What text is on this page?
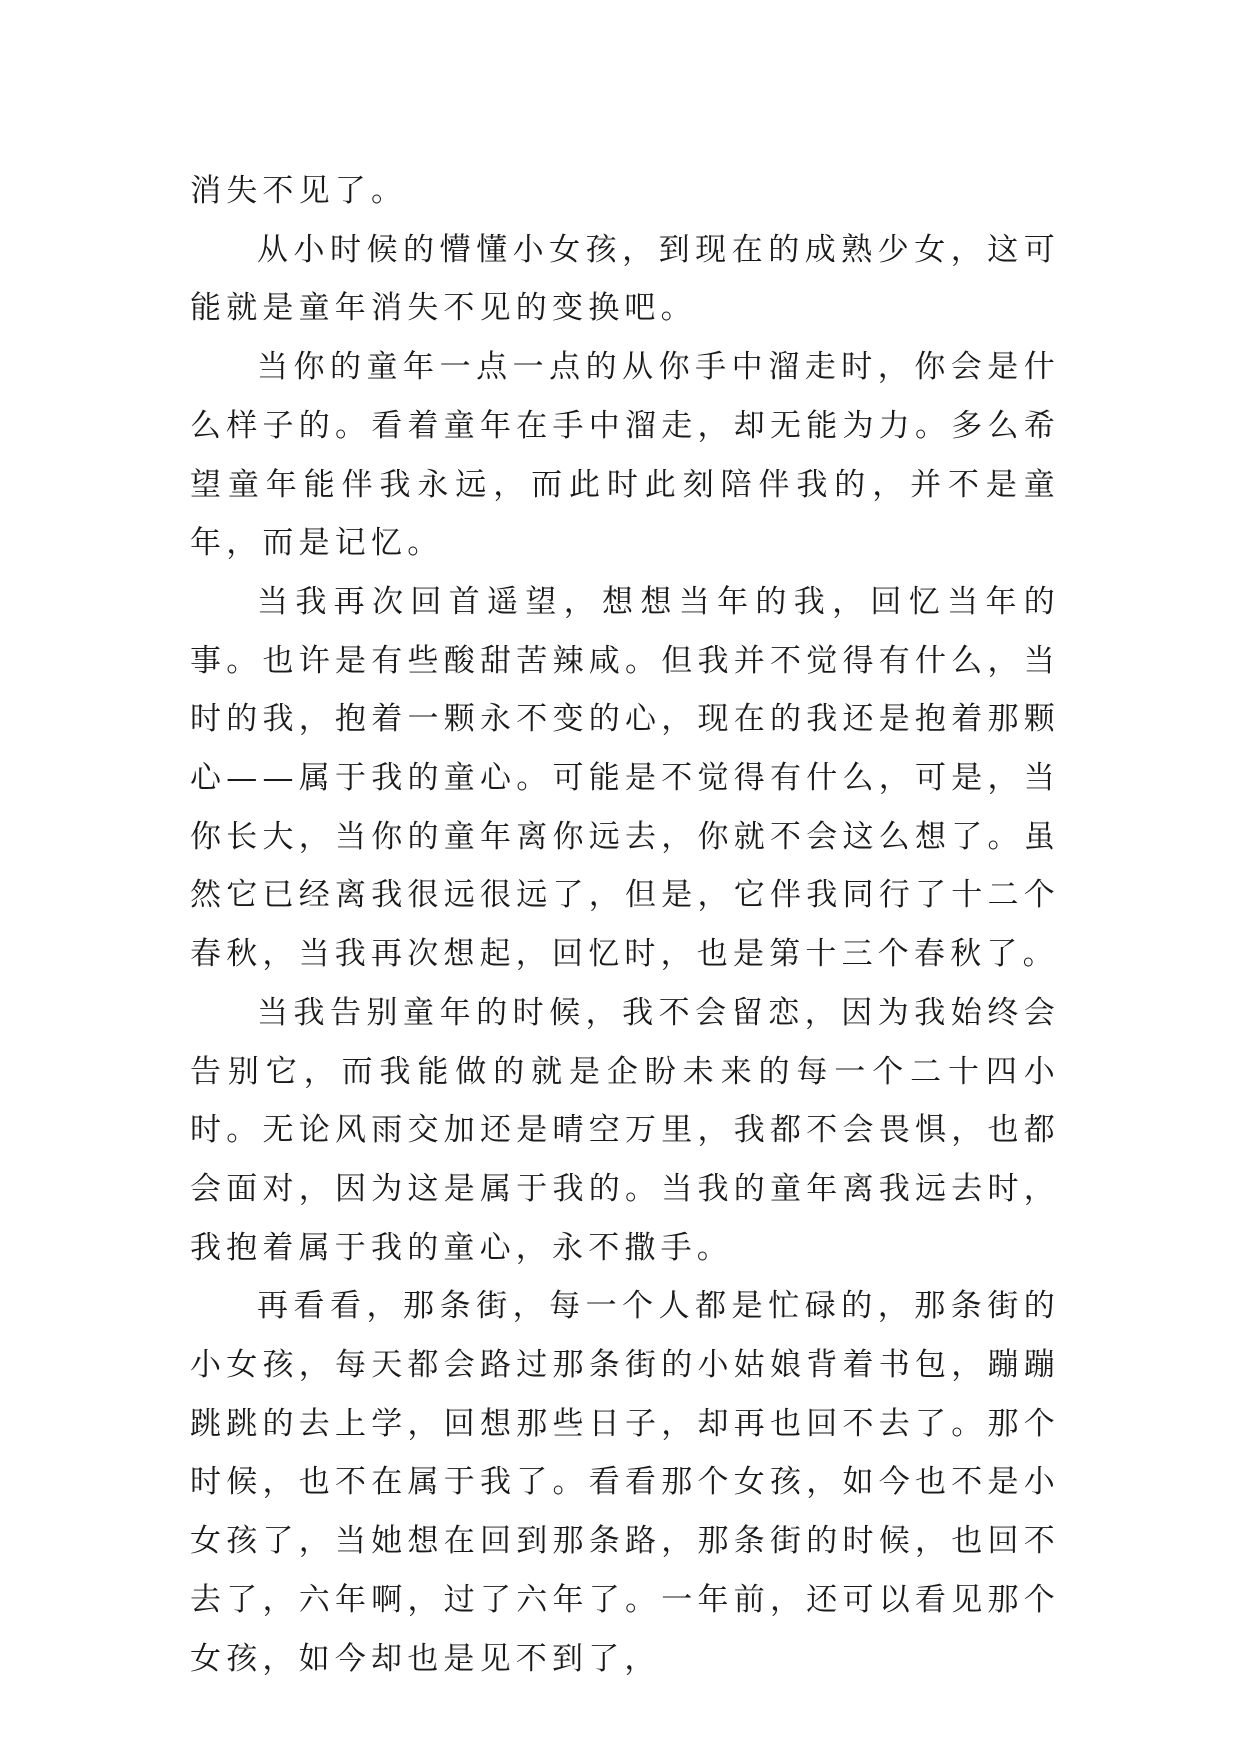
消失不见了。

从小时候的懵懂小女孩，到现在的成熟少女，这可能就是童年消失不见的变换吧。

当你的童年一点一点的从你手中溜走时，你会是什么样子的。看着童年在手中溜走，却无能为力。多么希望童年能伴我永远，而此时此刻陪伴我的，并不是童年，而是记忆。

当我再次回首遥望，想想当年的我，回忆当年的事。也许是有些酸甜苦辣咸。但我并不觉得有什么，当时的我，抱着一颗永不变的心，现在的我还是抱着那颗心——属于我的童心。可能是不觉得有什么，可是，当你长大，当你的童年离你远去，你就不会这么想了。虽然它已经离我很远很远了，但是，它伴我同行了十二个春秋，当我再次想起，回忆时，也是第十三个春秋了。

当我告别童年的时候，我不会留恋，因为我始终会告别它，而我能做的就是企盼未来的每一个二十四小时。无论风雨交加还是晴空万里，我都不会畏惧，也都会面对，因为这是属于我的。当我的童年离我远去时，我抱着属于我的童心，永不撒手。

再看看，那条街，每一个人都是忙碌的，那条街的小女孩，每天都会路过那条街的小姑娘背着书包，蹦蹦跳跳的去上学，回想那些日子，却再也回不去了。那个时候，也不在属于我了。看看那个女孩，如今也不是小女孩了，当她想在回到那条路，那条街的时候，也回不去了，六年啊，过了六年了。一年前，还可以看见那个女孩，如今却也是见不到了，
